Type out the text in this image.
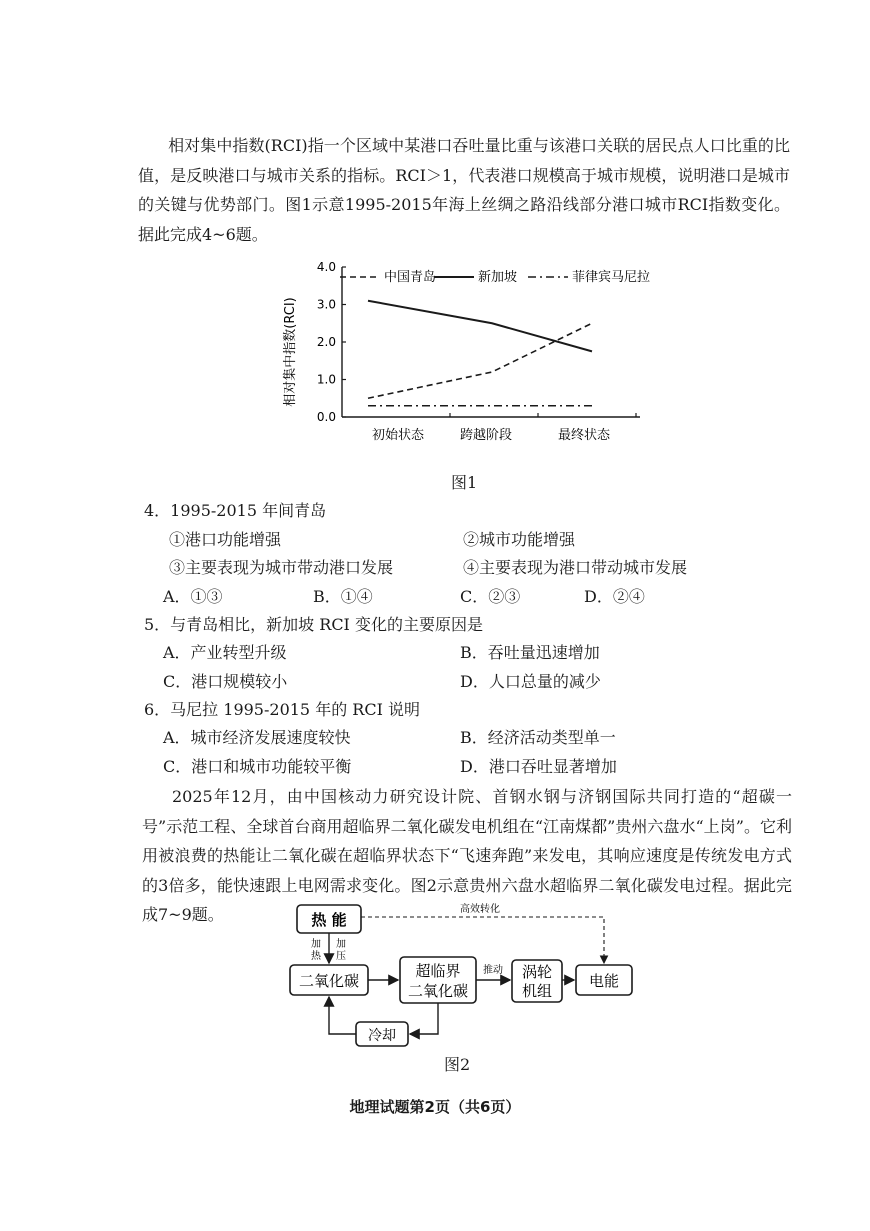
相对集中指数(RCI)指一个区域中某港口吞吐量比重与该港口关联的居民点人口比重的比值，是反映港口与城市关系的指标。RCI＞1，代表港口规模高于城市规模，说明港口是城市的关键与优势部门。图1示意1995-2015年海上丝绸之路沿线部分港口城市RCI指数变化。据此完成4~6题。
0.0
1.0
2.0
3.0
4.0
初始状态	跨越阶段	最终状态
相对集中指数(RCI)
中国青岛	新加坡	菲律宾马尼拉
图1
4．1995-2015 年间青岛
①港口功能增强	②城市功能增强
③主要表现为城市带动港口发展	④主要表现为港口带动城市发展
A．①③	B．①④	C．②③	D．②④
5．与青岛相比，新加坡 RCI 变化的主要原因是
A．产业转型升级	B．吞吐量迅速增加
C．港口规模较小	D．人口总量的减少
6．马尼拉 1995-2015 年的 RCI 说明
A．城市经济发展速度较快	B．经济活动类型单一
C．港口和城市功能较平衡	D．港口吞吐显著增加
2025年12月，由中国核动力研究设计院、首钢水钢与济钢国际共同打造的“超碳一号”示范工程、全球首台商用超临界二氧化碳发电机组在“江南煤都”贵州六盘水“上岗”。它利用被浪费的热能让二氧化碳在超临界状态下“飞速奔跑”来发电，其响应速度是传统发电方式的3倍多，能快速跟上电网需求变化。图2示意贵州六盘水超临界二氧化碳发电过程。据此完成7~9题。	热 能
二氧化碳
超临界
二氧化碳
涡轮
机组
电能
冷却
加
热
加
压
推动
高效转化
图2
地理试题第2页（共6页）
